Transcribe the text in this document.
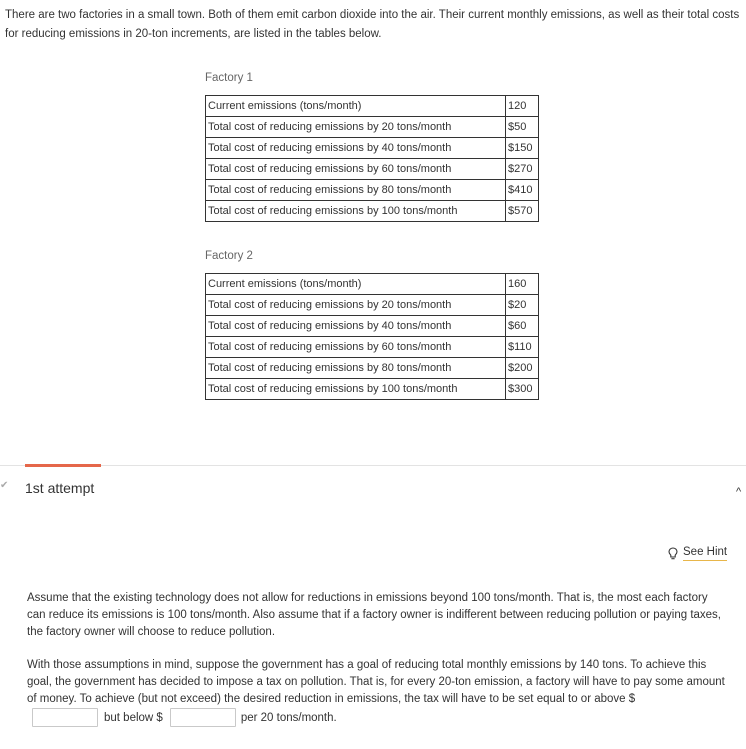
There are two factories in a small town. Both of them emit carbon dioxide into the air. Their current monthly emissions, as well as their total costs for reducing emissions in 20-ton increments, are listed in the tables below.
Factory 1
Current emissions (tons/month)	120
Total cost of reducing emissions by 20 tons/month	$50
Total cost of reducing emissions by 40 tons/month	$150
Total cost of reducing emissions by 60 tons/month	$270
Total cost of reducing emissions by 80 tons/month	$410
Total cost of reducing emissions by 100 tons/month	$570
Factory 2
Current emissions (tons/month)	160
Total cost of reducing emissions by 20 tons/month	$20
Total cost of reducing emissions by 40 tons/month	$60
Total cost of reducing emissions by 60 tons/month	$110
Total cost of reducing emissions by 80 tons/month	$200
Total cost of reducing emissions by 100 tons/month	$300
✔ 1st attempt	^
See Hint
Assume that the existing technology does not allow for reductions in emissions beyond 100 tons/month. That is, the most each factory can reduce its emissions is 100 tons/month. Also assume that if a factory owner is indifferent between reducing pollution or paying taxes, the factory owner will choose to reduce pollution.
With those assumptions in mind, suppose the government has a goal of reducing total monthly emissions by 140 tons. To achieve this goal, the government has decided to impose a tax on pollution. That is, for every 20-ton emission, a factory will have to pay some amount of money. To achieve (but not exceed) the desired reduction in emissions, the tax will have to be set equal to or above $
but below $	per 20 tons/month.
